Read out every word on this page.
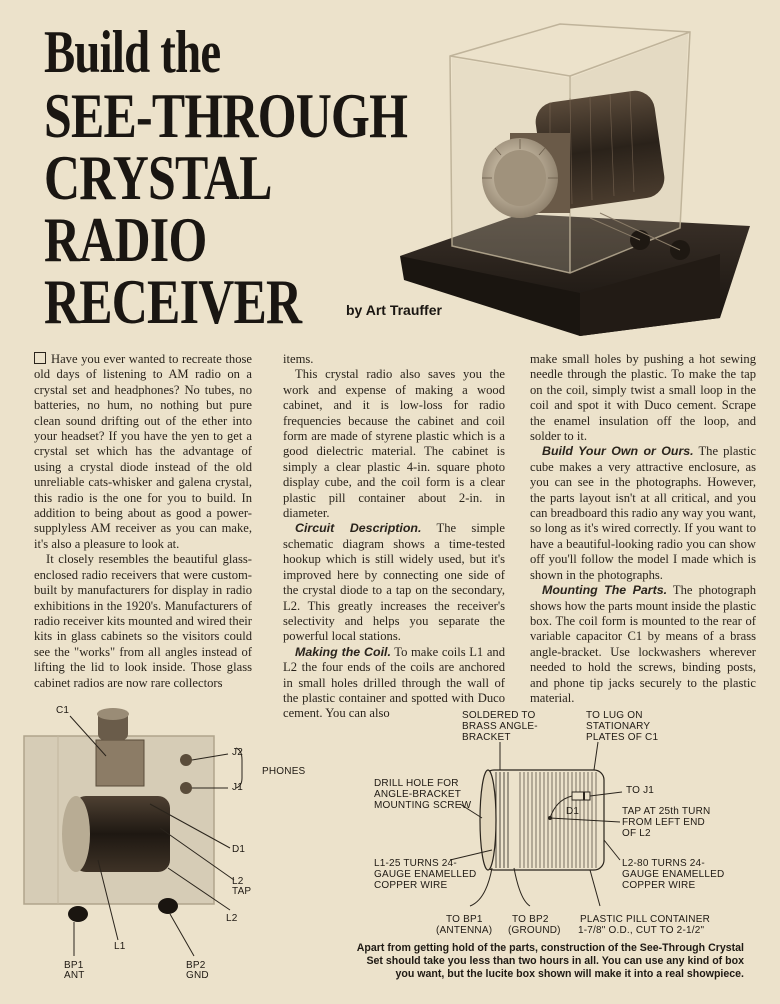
Build the
SEE-THROUGH
CRYSTAL
RADIO
RECEIVER	by Art Trauffer

Have you ever wanted to recreate those old days of listening to AM radio on a crystal set and headphones? No tubes, no batteries, no hum, no nothing but pure clean sound drifting out of the ether into your headset? If you have the yen to get a crystal set which has the advantage of using a crystal diode instead of the old unreliable cats-whisker and galena crystal, this radio is the one for you to build. In addition to being about as good a power-supplyless AM receiver as you can make, it's also a pleasure to look at.

It closely resembles the beautiful glass-enclosed radio receivers that were custom-built by manufacturers for display in radio exhibitions in the 1920's. Manufacturers of radio receiver kits mounted and wired their kits in glass cabinets so the visitors could see the "works" from all angles instead of lifting the lid to look inside. Those glass cabinet radios are now rare collectors

items.

This crystal radio also saves you the work and expense of making a wood cabinet, and it is low-loss for radio frequencies because the cabinet and coil form are made of styrene plastic which is a good dielectric material. The cabinet is simply a clear plastic 4-in. square photo display cube, and the coil form is a clear plastic pill container about 2-in. in diameter.

Circuit Description. The simple schematic diagram shows a time-tested hookup which is still widely used, but it's improved here by connecting one side of the crystal diode to a tap on the secondary, L2. This greatly increases the receiver's selectivity and helps you separate the powerful local stations.

Making the Coil. To make coils L1 and L2 the four ends of the coils are anchored in small holes drilled through the wall of the plastic container and spotted with Duco cement. You can also

make small holes by pushing a hot sewing needle through the plastic. To make the tap on the coil, simply twist a small loop in the coil and spot it with Duco cement. Scrape the enamel insulation off the loop, and solder to it.

Build Your Own or Ours. The plastic cube makes a very attractive enclosure, as you can see in the photographs. However, the parts layout isn't at all critical, and you can breadboard this radio any way you want, so long as it's wired correctly. If you want to have a beautiful-looking radio you can show off you'll follow the model I made which is shown in the photographs.

Mounting The Parts. The photograph shows how the parts mount inside the plastic box. The coil form is mounted to the rear of variable capacitor C1 by means of a brass angle-bracket. Use lockwashers wherever needed to hold the screws, binding posts, and phone tip jacks securely to the plastic material.

C1
J2
J1
PHONES
D1
L2
TAP
L2
L1
BP1
ANT
BP2
GND
SOLDERED TO
BRASS ANGLE-
BRACKET
TO LUG ON
STATIONARY
PLATES OF C1
DRILL HOLE FOR
ANGLE-BRACKET
MOUNTING SCREW
TO J1
D1	TAP AT 25th TURN
FROM LEFT END
OF L2
L1-25 TURNS 24-
GAUGE ENAMELLED
COPPER WIRE
L2-80 TURNS 24-
GAUGE ENAMELLED
COPPER WIRE
TO BP1
(ANTENNA)
TO BP2
(GROUND)
PLASTIC PILL CONTAINER
1-7/8" O.D., CUT TO 2-1/2"
Apart from getting hold of the parts, construction of the See-Through Crystal Set should take you less than two hours in all. You can use any kind of box you want, but the lucite box shown will make it into a real showpiece.
